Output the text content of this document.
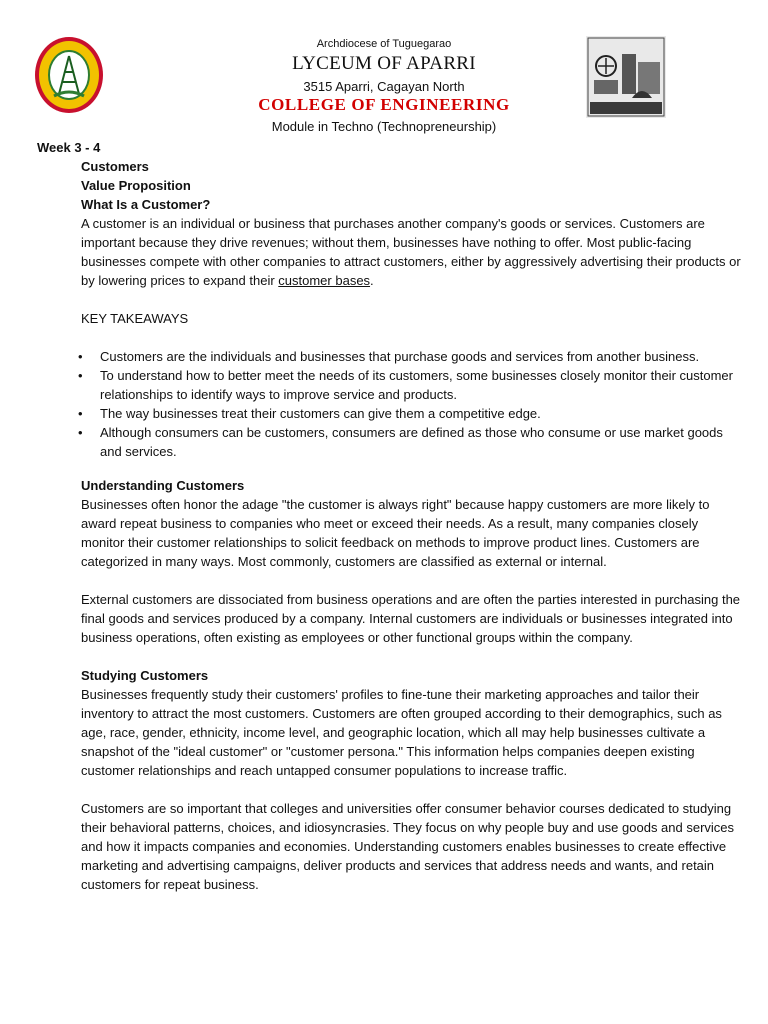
Archdiocese of Tuguegarao
LYCEUM OF APARRI
3515 Aparri, Cagayan North
COLLEGE OF ENGINEERING
Module in Techno (Technopreneurship)
Week 3 - 4

Customers

Value Proposition

What Is a Customer?

A customer is an individual or business that purchases another company's goods or services. Customers are important because they drive revenues; without them, businesses have nothing to offer. Most public-facing businesses compete with other companies to attract customers, either by aggressively advertising their products or by lowering prices to expand their customer bases.

KEY TAKEAWAYS

• Customers are the individuals and businesses that purchase goods and services from another business.
• To understand how to better meet the needs of its customers, some businesses closely monitor their customer relationships to identify ways to improve service and products.
• The way businesses treat their customers can give them a competitive edge.
• Although consumers can be customers, consumers are defined as those who consume or use market goods and services.

Understanding Customers

Businesses often honor the adage "the customer is always right" because happy customers are more likely to award repeat business to companies who meet or exceed their needs. As a result, many companies closely monitor their customer relationships to solicit feedback on methods to improve product lines. Customers are categorized in many ways. Most commonly, customers are classified as external or internal.

External customers are dissociated from business operations and are often the parties interested in purchasing the final goods and services produced by a company. Internal customers are individuals or businesses integrated into business operations, often existing as employees or other functional groups within the company.

Studying Customers

Businesses frequently study their customers' profiles to fine-tune their marketing approaches and tailor their inventory to attract the most customers. Customers are often grouped according to their demographics, such as age, race, gender, ethnicity, income level, and geographic location, which all may help businesses cultivate a snapshot of the "ideal customer" or "customer persona." This information helps companies deepen existing customer relationships and reach untapped consumer populations to increase traffic.

Customers are so important that colleges and universities offer consumer behavior courses dedicated to studying their behavioral patterns, choices, and idiosyncrasies. They focus on why people buy and use goods and services and how it impacts companies and economies. Understanding customers enables businesses to create effective marketing and advertising campaigns, deliver products and services that address needs and wants, and retain customers for repeat business.
